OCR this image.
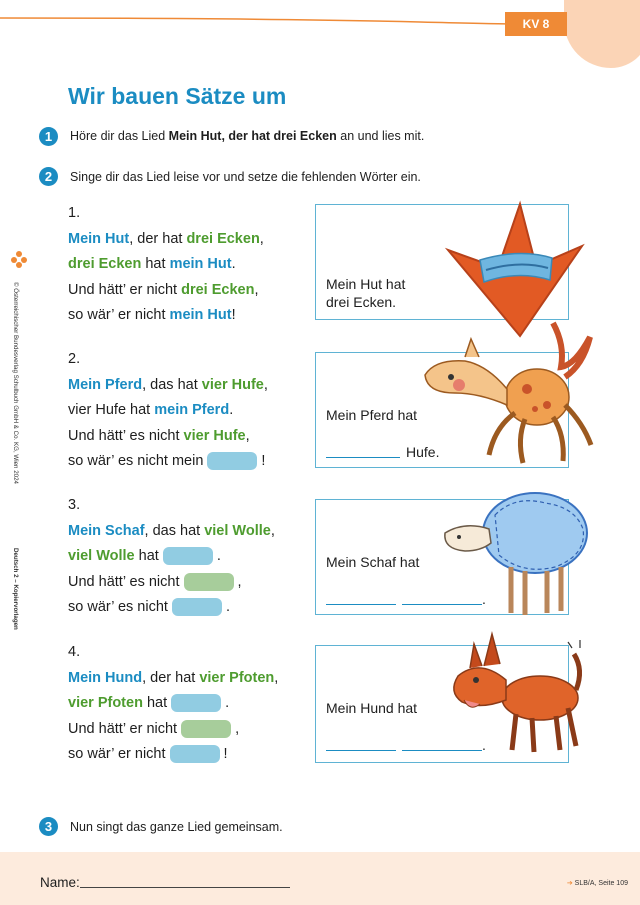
KV 8
Wir bauen Sätze um
© Österreichischer Bundesverlag Schulbuch GmbH & Co. KG, Wien 2024
Deutsch 2 – Kopiervorlagen
1	Höre dir das Lied Mein Hut, der hat drei Ecken an und lies mit.
2	Singe dir das Lied leise vor und setze die fehlenden Wörter ein.
1.
Mein Hut, der hat drei Ecken,
drei Ecken hat mein Hut.
Und hätt’ er nicht drei Ecken,
so wär’ er nicht mein Hut!
2.
Mein Pferd, das hat vier Hufe,
vier Hufe hat mein Pferd.
Und hätt’ es nicht vier Hufe,
so wär’ es nicht mein	!
3.
Mein Schaf, das hat viel Wolle,
viel Wolle hat	.
Und hätt’ es nicht	,
so wär’ es nicht	.
4.
Mein Hund, der hat vier Pfoten,
vier Pfoten hat	.
Und hätt’ er nicht	,
so wär’ er nicht	!
Mein Hut hat
drei Ecken.
Mein Pferd hat
Hufe.
Mein Schaf hat
.
Mein Hund hat
.
3	Nun singt das ganze Lied gemeinsam.
Name:	➔ SLB/A, Seite 109
